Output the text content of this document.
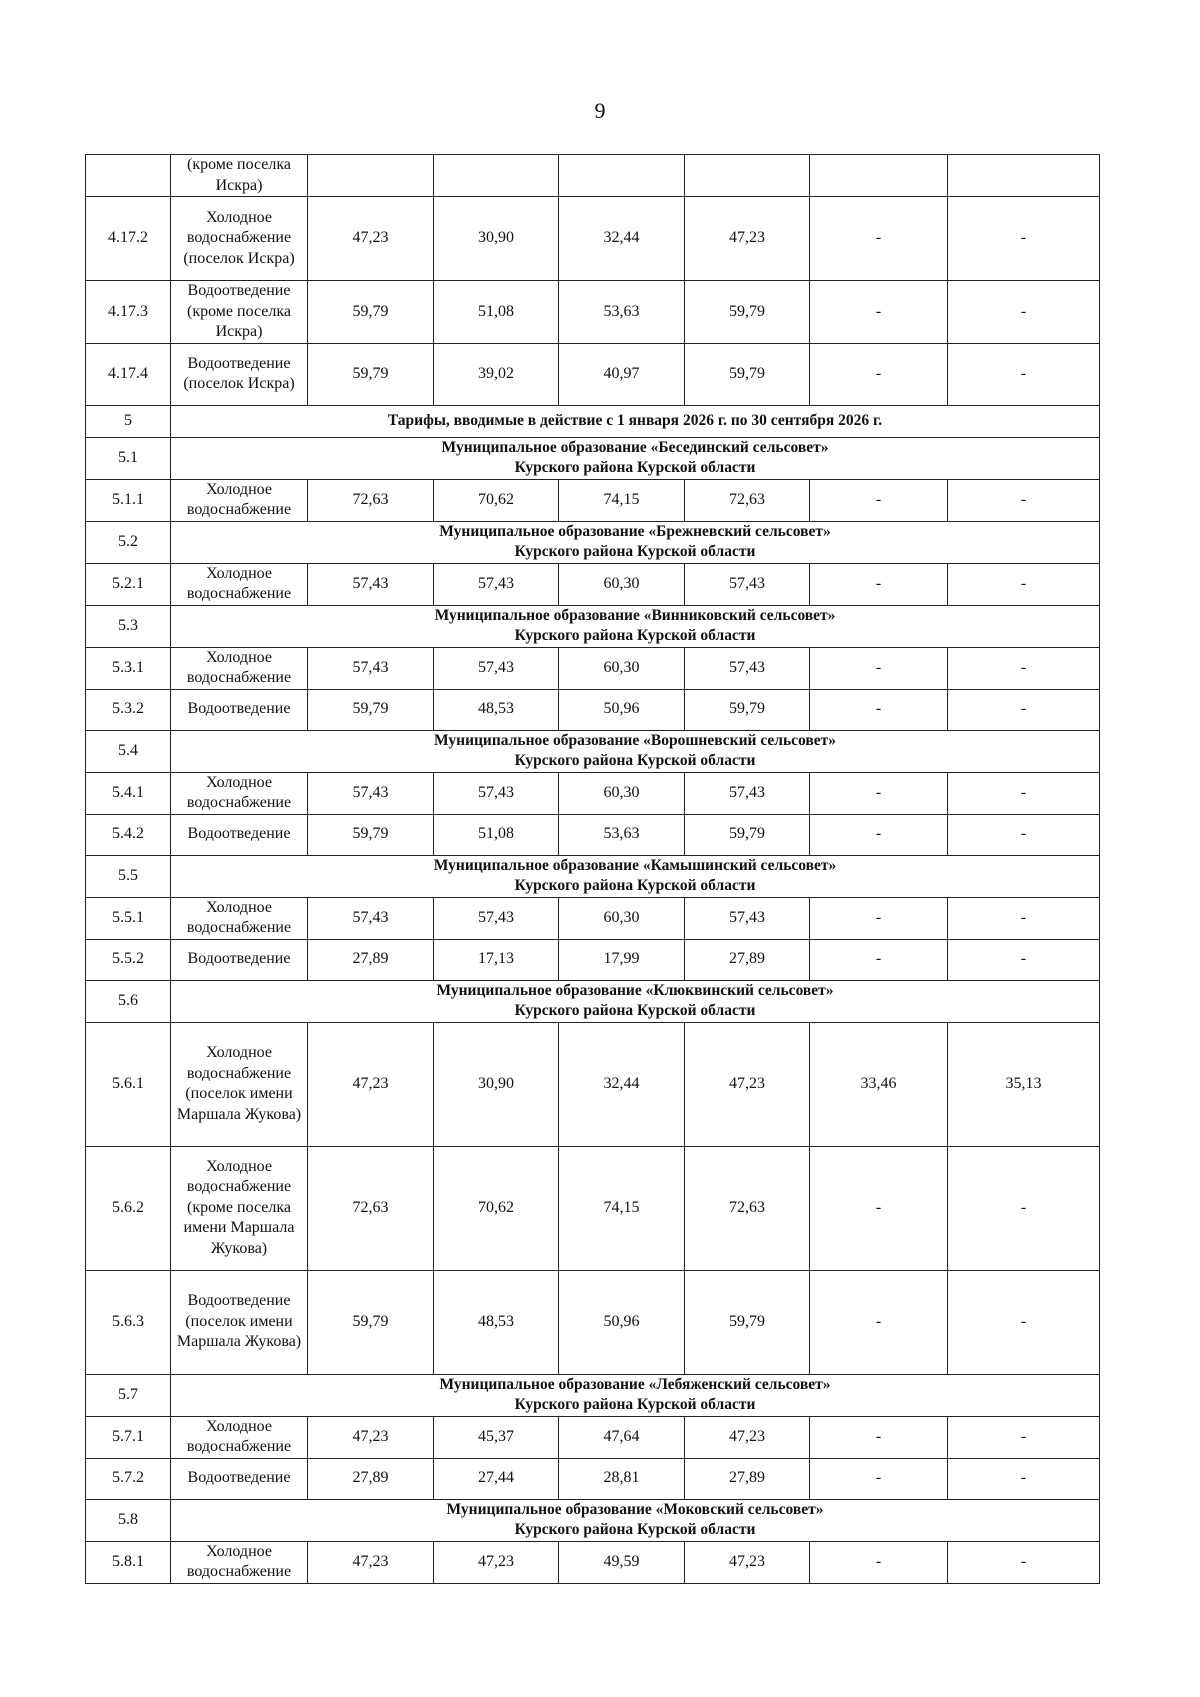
9
	(кроме поселка Искра)						
4.17.2	Холодное водоснабжение (поселок Искра)	47,23	30,90	32,44	47,23	-	-
4.17.3	Водоотведение (кроме поселка Искра)	59,79	51,08	53,63	59,79	-	-
4.17.4	Водоотведение (поселок Искра)	59,79	39,02	40,97	59,79	-	-
5	Тарифы, вводимые в действие с 1 января 2026 г. по 30 сентября 2026 г.						

5.1	Муниципальное образование «Бесединский сельсовет»
Курского района Курской области						

5.1.1	Холодное водоснабжение	72,63	70,62	74,15	72,63	-	-
5.2	Муниципальное образование «Брежневский сельсовет»
Курского района Курской области						

5.2.1	Холодное водоснабжение	57,43	57,43	60,30	57,43	-	-
5.3	Муниципальное образование «Винниковский сельсовет»
Курского района Курской области						

5.3.1	Холодное водоснабжение	57,43	57,43	60,30	57,43	-	-
5.3.2	Водоотведение	59,79	48,53	50,96	59,79	-	-
5.4	Муниципальное образование «Ворошневский сельсовет»
Курского района Курской области						

5.4.1	Холодное водоснабжение	57,43	57,43	60,30	57,43	-	-
5.4.2	Водоотведение	59,79	51,08	53,63	59,79	-	-
5.5	Муниципальное образование «Камышинский сельсовет»
Курского района Курской области						

5.5.1	Холодное водоснабжение	57,43	57,43	60,30	57,43	-	-
5.5.2	Водоотведение	27,89	17,13	17,99	27,89	-	-
5.6	Муниципальное образование «Клюквинский сельсовет»
Курского района Курской области						

5.6.1	Холодное водоснабжение (поселок имени Маршала Жукова)	47,23	30,90	32,44	47,23	33,46	35,13
5.6.2	Холодное водоснабжение (кроме поселка имени Маршала Жукова)	72,63	70,62	74,15	72,63	-	-
5.6.3	Водоотведение (поселок имени Маршала Жукова)	59,79	48,53	50,96	59,79	-	-
5.7	Муниципальное образование «Лебяженский сельсовет»
Курского района Курской области						

5.7.1	Холодное водоснабжение	47,23	45,37	47,64	47,23	-	-
5.7.2	Водоотведение	27,89	27,44	28,81	27,89	-	-
5.8	Муниципальное образование «Моковский сельсовет»
Курского района Курской области						

5.8.1	Холодное водоснабжение	47,23	47,23	49,59	47,23	-	-
